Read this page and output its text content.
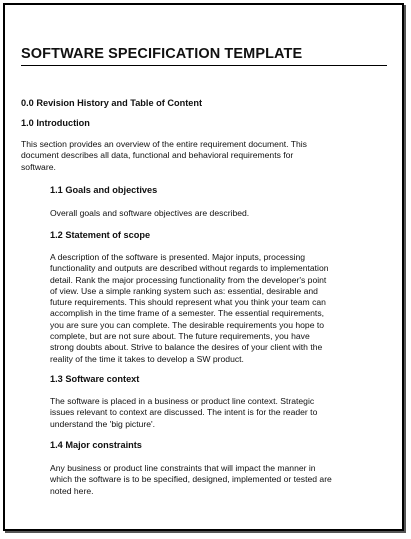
SOFTWARE SPECIFICATION TEMPLATE
0.0 Revision History and Table of Content
1.0 Introduction
This section provides an overview of the entire requirement document. This
document describes all data, functional and behavioral requirements for
software.
1.1 Goals and objectives
Overall goals and software objectives are described.
1.2 Statement of scope
A description of the software is presented. Major inputs, processing
functionality and outputs are described without regards to implementation
detail. Rank the major processing functionality from the developer's point
of view. Use a simple ranking system such as: essential, desirable and
future requirements. This should represent what you think your team can
accomplish in the time frame of a semester. The essential requirements,
you are sure you can complete. The desirable requirements you hope to
complete, but are not sure about. The future requirements, you have
strong doubts about. Strive to balance the desires of your client with the
reality of the time it takes to develop a SW product.
1.3 Software context
The software is placed in a business or product line context. Strategic
issues relevant to context are discussed. The intent is for the reader to
understand the 'big picture'.
1.4 Major constraints
Any business or product line constraints that will impact the manner in
which the software is to be specified, designed, implemented or tested are
noted here.
